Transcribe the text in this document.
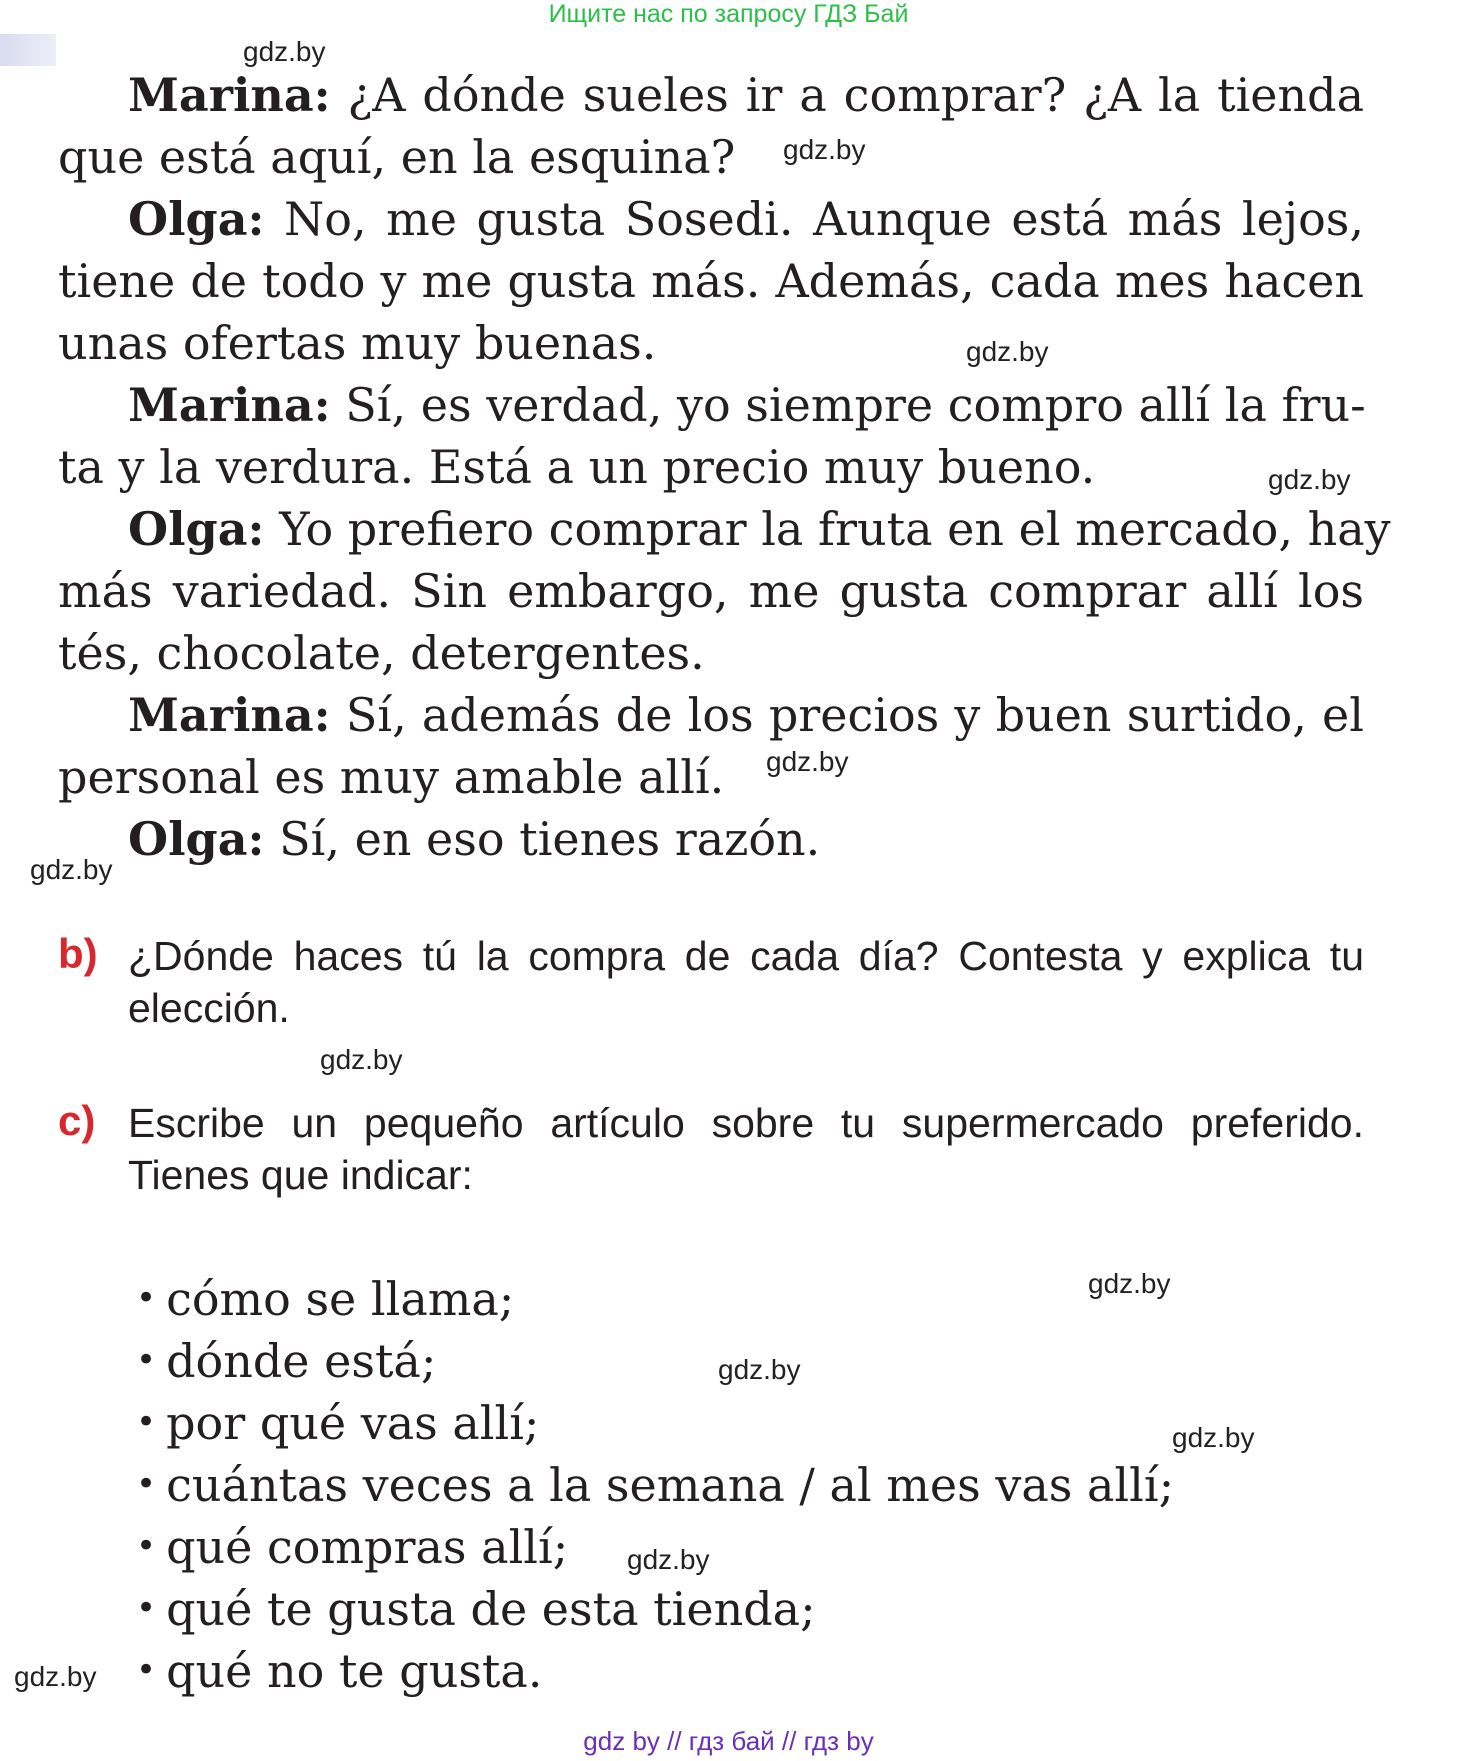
Ищите нас по запросу ГДЗ Бай
Marina: ¿A dónde sueles ir a comprar? ¿A la tienda
que está aquí, en la esquina?
Olga: No, me gusta Sosedi. Aunque está más lejos,
tiene de todo y me gusta más. Además, cada mes hacen
unas ofertas muy buenas.
Marina: Sí, es verdad, yo siempre compro allí la fru-
ta y la verdura. Está a un precio muy bueno.
Olga: Yo prefiero comprar la fruta en el mercado, hay
más variedad. Sin embargo, me gusta comprar allí los
tés, chocolate, detergentes.
Marina: Sí, además de los precios y buen surtido, el
personal es muy amable allí.
Olga: Sí, en eso tienes razón.
b) ¿Dónde haces tú la compra de cada día? Contesta y explica tu
elección.
c) Escribe un pequeño artículo sobre tu supermercado preferido.
Tienes que indicar:
• cómo se llama;
• dónde está;
• por qué vas allí;
• cuántas veces a la semana / al mes vas allí;
• qué compras allí;
• qué te gusta de esta tienda;
• qué no te gusta.
gdz.by
gdz.by
gdz.by
gdz.by
gdz.by
gdz.by
gdz.by
gdz.by
gdz.by
gdz.by
gdz.by
gdz.by
gdz by // гдз бай // гдз by
